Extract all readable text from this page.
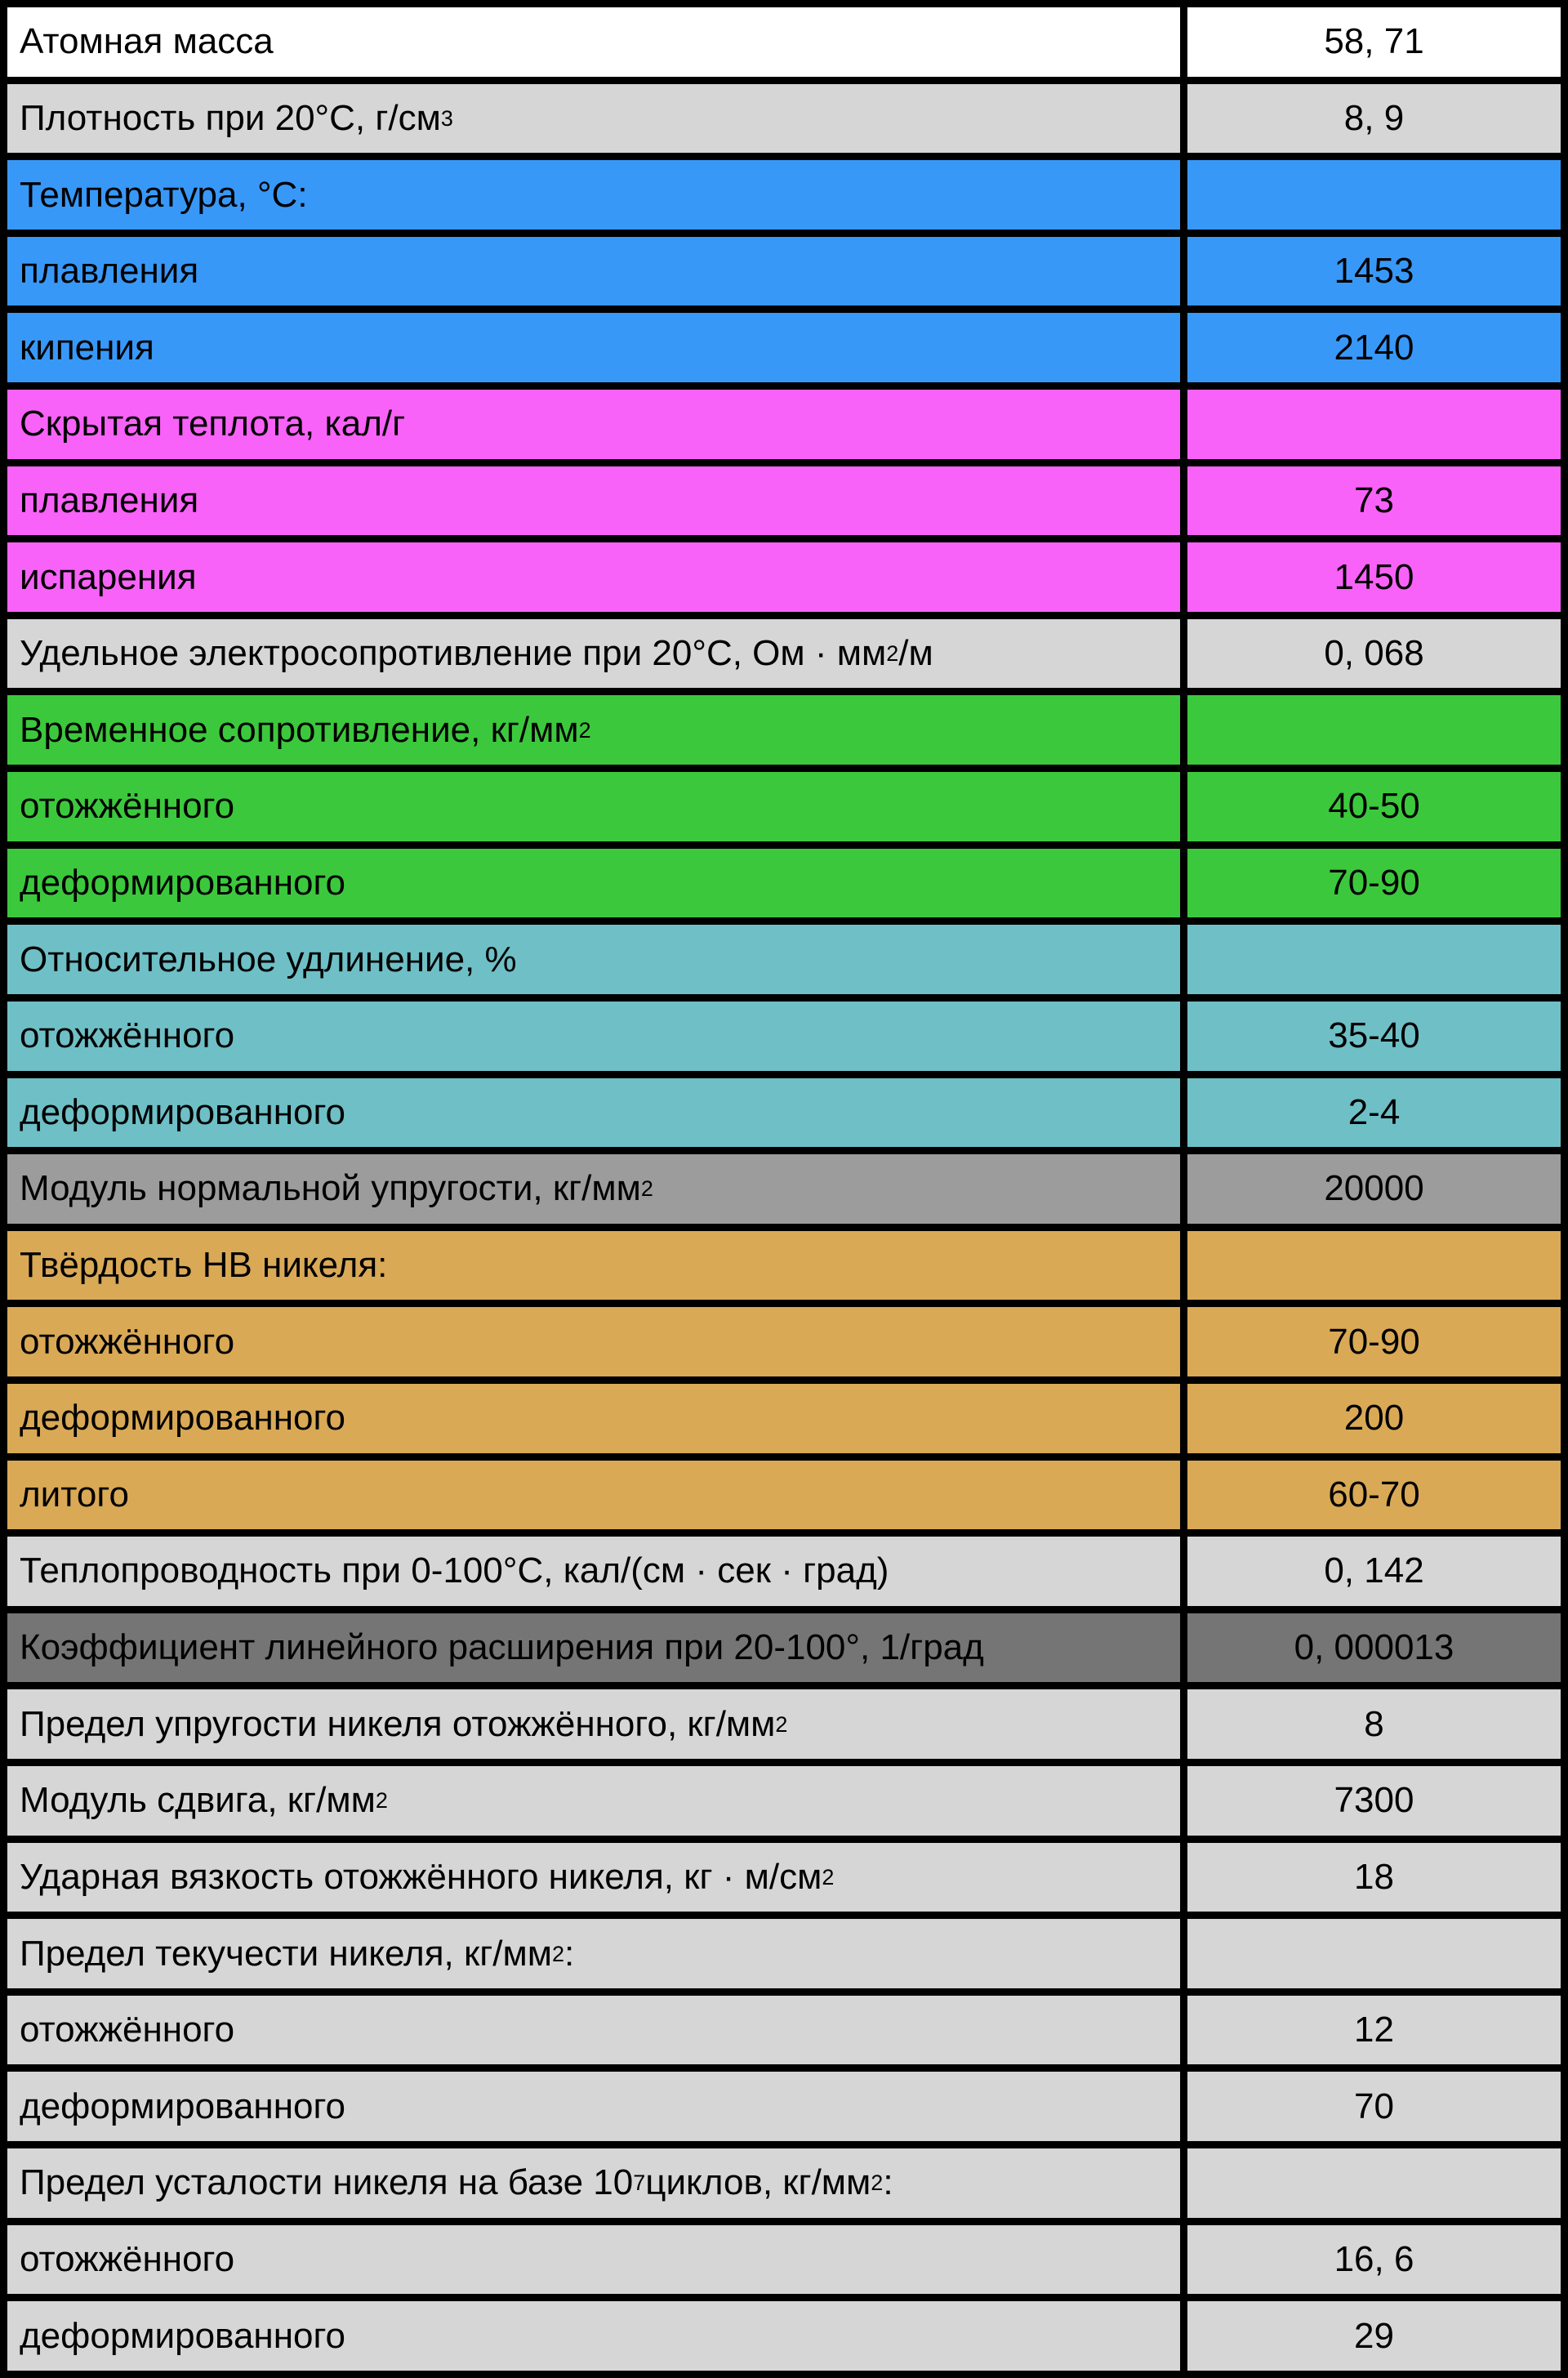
Атомная масса	58, 71
Плотность при 20°С, г/см 3	8, 9
Температура, °С:
плавления	1453
кипения	2140
Скрытая теплота, кал/г
плавления	73
испарения	1450
Удельное электросопротивление при 20°С, Ом · мм 2 /м	0, 068
Временное сопротивление, кг/мм 2
отожжённого	40-50
деформированного	70-90
Относительное удлинение, %
отожжённого	35-40
деформированного	2-4
Модуль нормальной упругости, кг/мм 2	20000
Твёрдость НВ никеля:
отожжённого	70-90
деформированного	200
литого	60-70
Теплопроводность при 0-100°С, кал/(см · сек · град)	0, 142
Коэффициент линейного расширения при 20-100°, 1/град	0, 000013
Предел упругости никеля отожжённого, кг/мм 2	8
Модуль сдвига, кг/мм 2	7300
Ударная вязкость отожжённого никеля, кг · м/см 2	18
Предел текучести никеля, кг/мм 2 :
отожжённого	12
деформированного	70
Предел усталости никеля на базе 10 7 циклов, кг/мм 2 :
отожжённого	16, 6
деформированного	29
